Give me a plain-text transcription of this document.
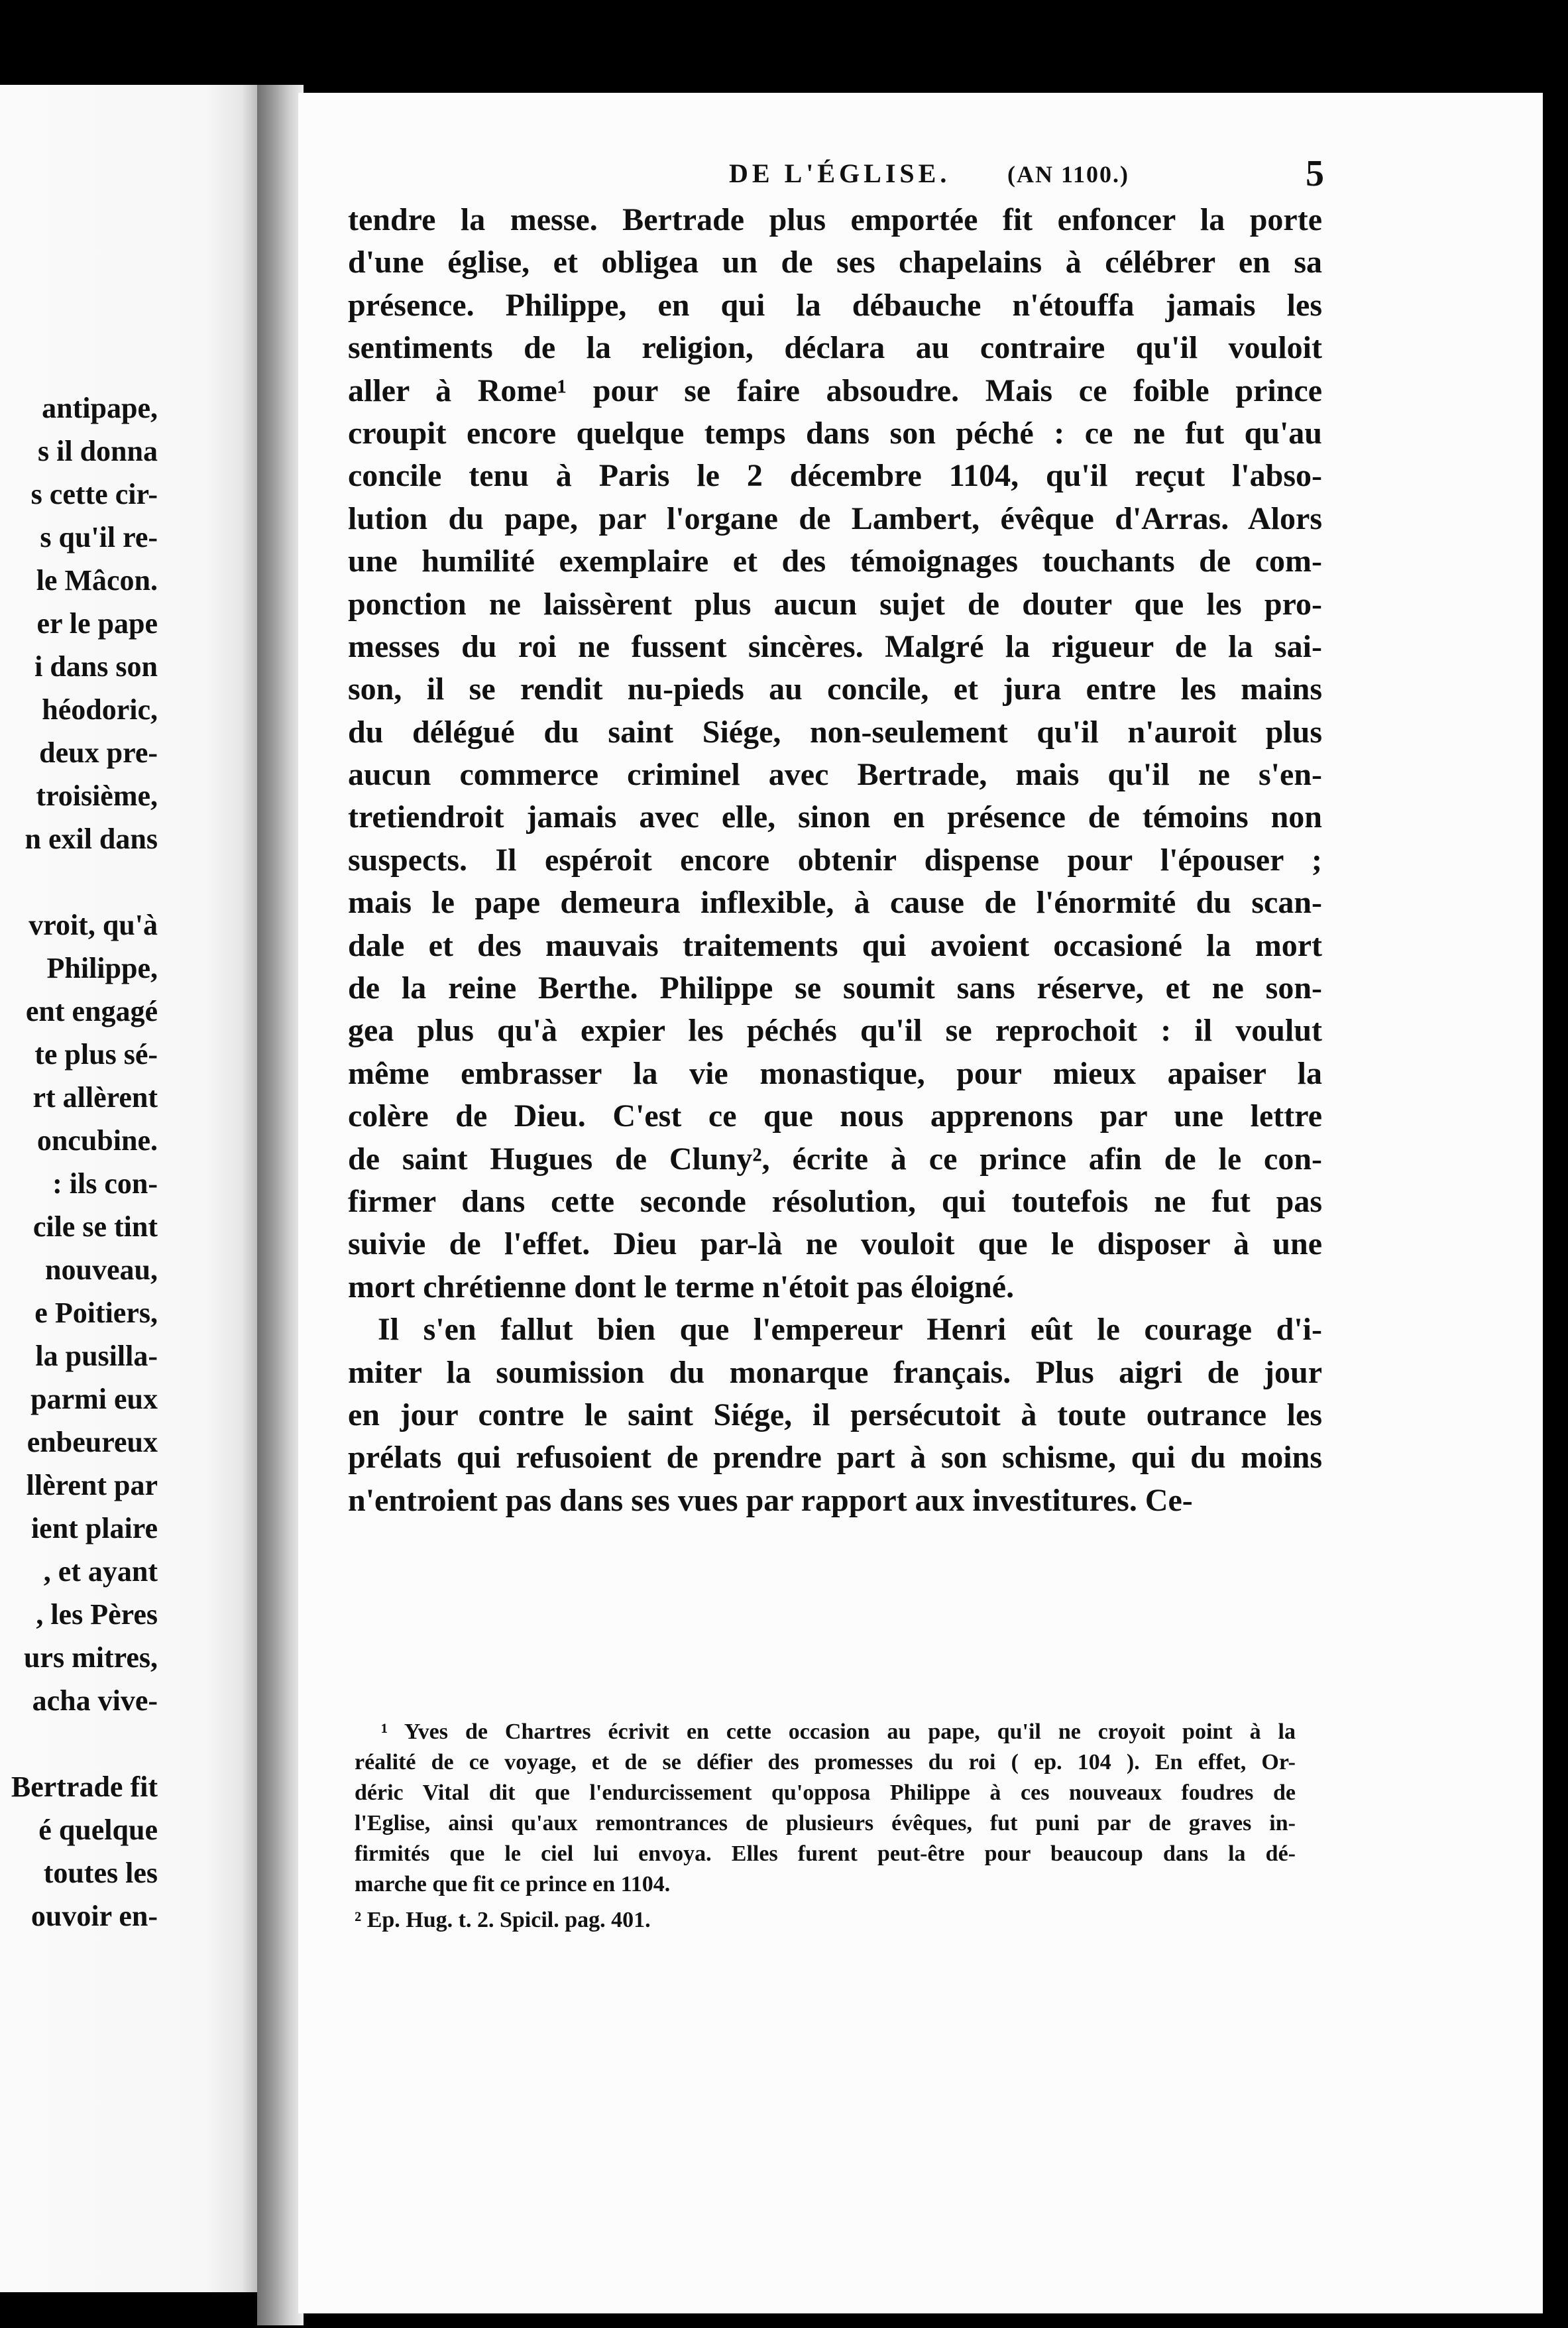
antipape,
s il donna
s cette cir-
s qu'il re-
le Mâcon.
er le pape
i dans son
héodoric,
deux pre-
troisième,
n exil dans
vroit, qu'à
Philippe,
ent engagé
te plus sé-
rt allèrent
oncubine.
: ils con-
cile se tint
nouveau,
e Poitiers,
la pusilla-
parmi eux
enbeureux
llèrent par
ient plaire
, et ayant
, les Pères
urs mitres,
acha vive-
Bertrade fit
é quelque
toutes les
ouvoir en-
DE L'ÉGLISE. (AN 1100.)	5
tendre la messe. Bertrade plus emportée fit enfoncer la porte
d'une église, et obligea un de ses chapelains à célébrer en sa
présence. Philippe, en qui la débauche n'étouffa jamais les
sentiments de la religion, déclara au contraire qu'il vouloit
aller à Rome¹ pour se faire absoudre. Mais ce foible prince
croupit encore quelque temps dans son péché : ce ne fut qu'au
concile tenu à Paris le 2 décembre 1104, qu'il reçut l'abso-
lution du pape, par l'organe de Lambert, évêque d'Arras. Alors
une humilité exemplaire et des témoignages touchants de com-
ponction ne laissèrent plus aucun sujet de douter que les pro-
messes du roi ne fussent sincères. Malgré la rigueur de la sai-
son, il se rendit nu-pieds au concile, et jura entre les mains
du délégué du saint Siége, non-seulement qu'il n'auroit plus
aucun commerce criminel avec Bertrade, mais qu'il ne s'en-
tretiendroit jamais avec elle, sinon en présence de témoins non
suspects. Il espéroit encore obtenir dispense pour l'épouser ;
mais le pape demeura inflexible, à cause de l'énormité du scan-
dale et des mauvais traitements qui avoient occasioné la mort
de la reine Berthe. Philippe se soumit sans réserve, et ne son-
gea plus qu'à expier les péchés qu'il se reprochoit : il voulut
même embrasser la vie monastique, pour mieux apaiser la
colère de Dieu. C'est ce que nous apprenons par une lettre
de saint Hugues de Cluny², écrite à ce prince afin de le con-
firmer dans cette seconde résolution, qui toutefois ne fut pas
suivie de l'effet. Dieu par-là ne vouloit que le disposer à une
mort chrétienne dont le terme n'étoit pas éloigné.
Il s'en fallut bien que l'empereur Henri eût le courage d'i-
miter la soumission du monarque français. Plus aigri de jour
en jour contre le saint Siége, il persécutoit à toute outrance les
prélats qui refusoient de prendre part à son schisme, qui du moins
n'entroient pas dans ses vues par rapport aux investitures. Ce-
¹ Yves de Chartres écrivit en cette occasion au pape, qu'il ne croyoit point à la
réalité de ce voyage, et de se défier des promesses du roi ( ep. 104 ). En effet, Or-
déric Vital dit que l'endurcissement qu'opposa Philippe à ces nouveaux foudres de
l'Eglise, ainsi qu'aux remontrances de plusieurs évêques, fut puni par de graves in-
firmités que le ciel lui envoya. Elles furent peut-être pour beaucoup dans la dé-
marche que fit ce prince en 1104.
² Ep. Hug. t. 2. Spicil. pag. 401.
